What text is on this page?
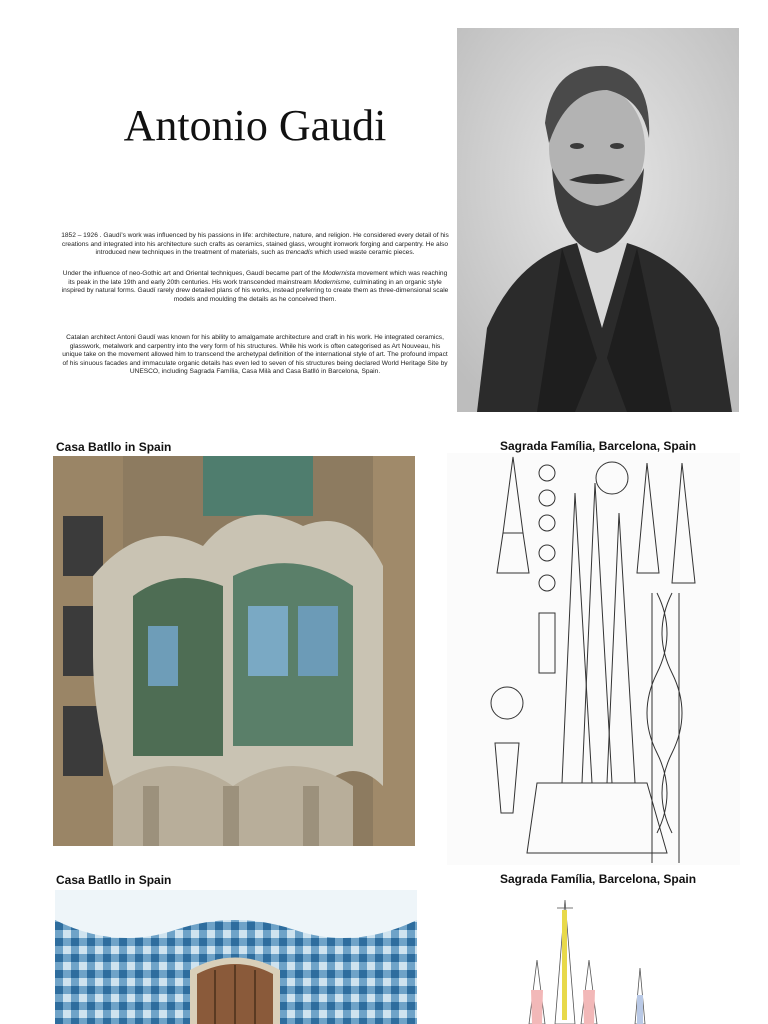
Antonio Gaudi

1852 – 1926 . Gaudí's work was influenced by his passions in life: architecture, nature, and religion. He considered every detail of his creations and integrated into his architecture such crafts as ceramics, stained glass, wrought ironwork forging and carpentry. He also introduced new techniques in the treatment of materials, such as trencadís which used waste ceramic pieces.

Under the influence of neo-Gothic art and Oriental techniques, Gaudí became part of the Modernista movement which was reaching its peak in the late 19th and early 20th centuries. His work transcended mainstream Modernisme, culminating in an organic style inspired by natural forms. Gaudí rarely drew detailed plans of his works, instead preferring to create them as three-dimensional scale models and moulding the details as he conceived them.

Catalan architect Antoni Gaudí was known for his ability to amalgamate architecture and craft in his work. He integrated ceramics, glasswork, metalwork and carpentry into the very form of his structures. While his work is often categorised as Art Nouveau, his unique take on the movement allowed him to transcend the archetypal definition of the international style of art. The profound impact of his sinuous facades and immaculate organic details has even led to seven of his structures being declared World Heritage Site by UNESCO, including Sagrada Família, Casa Milà and Casa Batlló in Barcelona, Spain.

Casa Batllo in Spain	Sagrada Família, Barcelona, Spain
Casa Batllo in Spain	Sagrada Família, Barcelona, Spain
